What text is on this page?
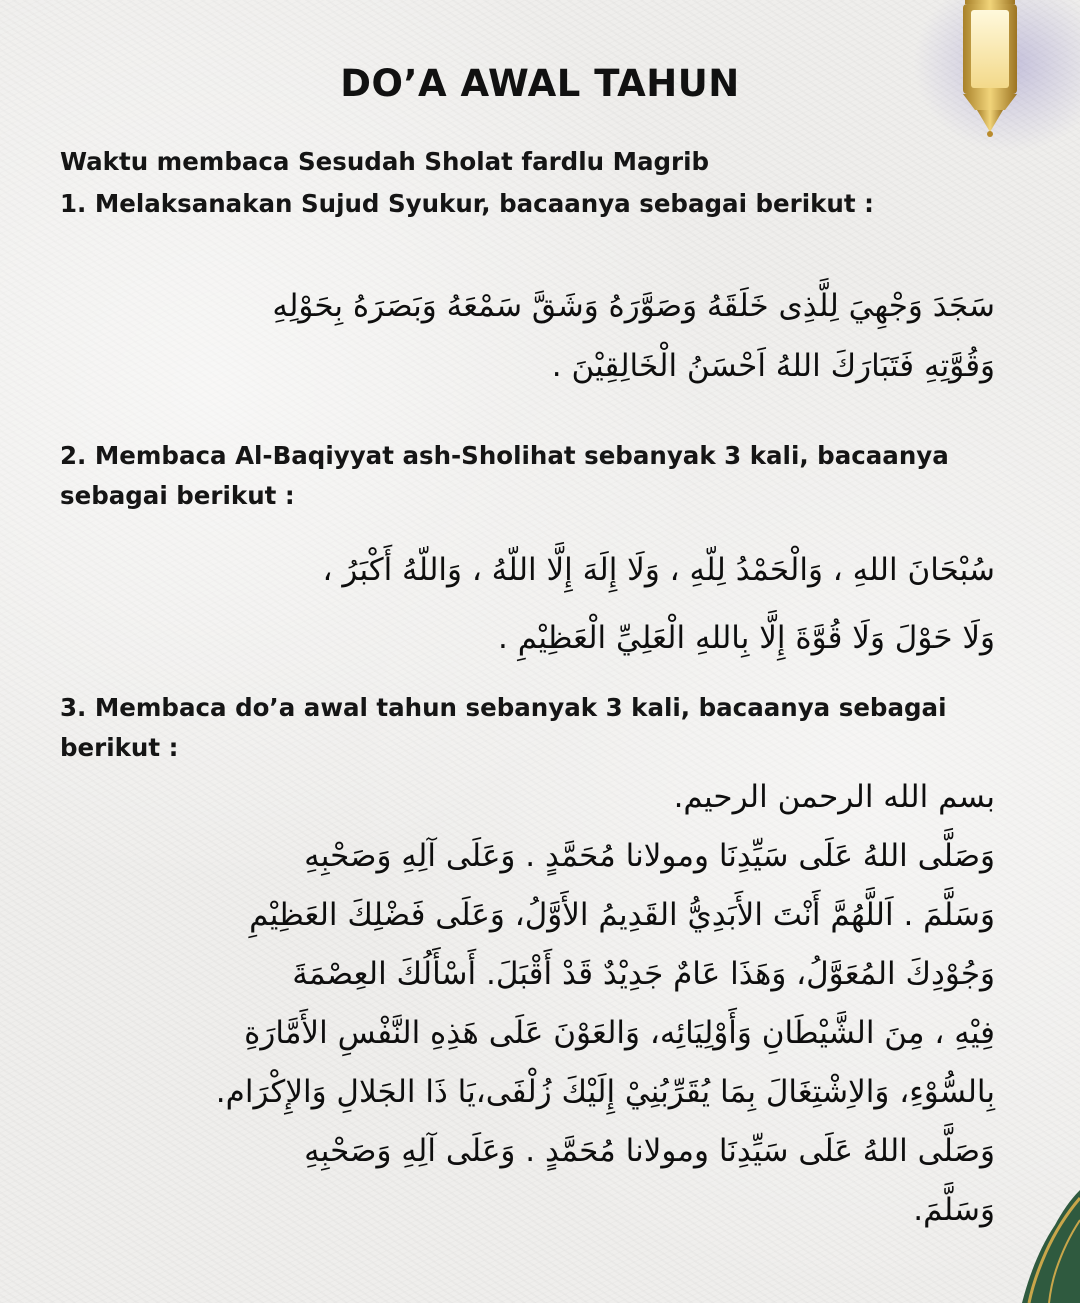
DO’A AWAL TAHUN
Waktu membaca Sesudah Sholat fardlu Magrib
1. Melaksanakan Sujud Syukur, bacaanya sebagai berikut :
سَجَدَ وَجْهِيَ لِلَّذِى خَلَقَهُ وَصَوَّرَهُ وَشَقَّ سَمْعَهُ وَبَصَرَهُ بِحَوْلِهِ
وَقُوَّتِهِ فَتَبَارَكَ اللهُ اَحْسَنُ الْخَالِقِيْنَ .
2. Membaca Al-Baqiyyat ash-Sholihat sebanyak 3 kali, bacaanya
sebagai berikut :
سُبْحَانَ اللهِ ، وَالْحَمْدُ لِلّهِ ، وَلَا إِلَهَ إِلَّا اللّهُ ، وَاللّهُ أَكْبَرُ ،
وَلَا حَوْلَ وَلَا قُوَّةَ إِلَّا بِاللهِ الْعَلِيِّ الْعَظِيْمِ .
3. Membaca do’a awal tahun sebanyak 3 kali, bacaanya sebagai
berikut :
بسم الله الرحمن الرحيم.
وَصَلَّى اللهُ عَلَى سَيِّدِنَا ومولانا مُحَمَّدٍ . وَعَلَى آلِهِ وَصَحْبِهِ
وَسَلَّمَ . اَللَّهُمَّ أَنْتَ الأَبَدِيُّ القَدِيمُ الأَوَّلُ، وَعَلَى فَضْلِكَ العَظِيْمِ
وَجُوْدِكَ المُعَوَّلُ، وَهَذَا عَامٌ جَدِيْدٌ قَدْ أَقْبَلَ. أَسْأَلُكَ العِصْمَةَ
فِيْهِ ، مِنَ الشَّيْطَانِ وَأَوْلِيَائِه، وَالعَوْنَ عَلَى هَذِهِ النَّفْسِ الأَمَّارَةِ
بِالسُّوْءِ، وَالاِشْتِغَالَ بِمَا يُقَرِّبُنِيْ إِلَيْكَ زُلْفَى،يَا ذَا الجَلالِ وَالإِكْرَام.
وَصَلَّى اللهُ عَلَى سَيِّدِنَا ومولانا مُحَمَّدٍ . وَعَلَى آلِهِ وَصَحْبِهِ
وَسَلَّمَ.
